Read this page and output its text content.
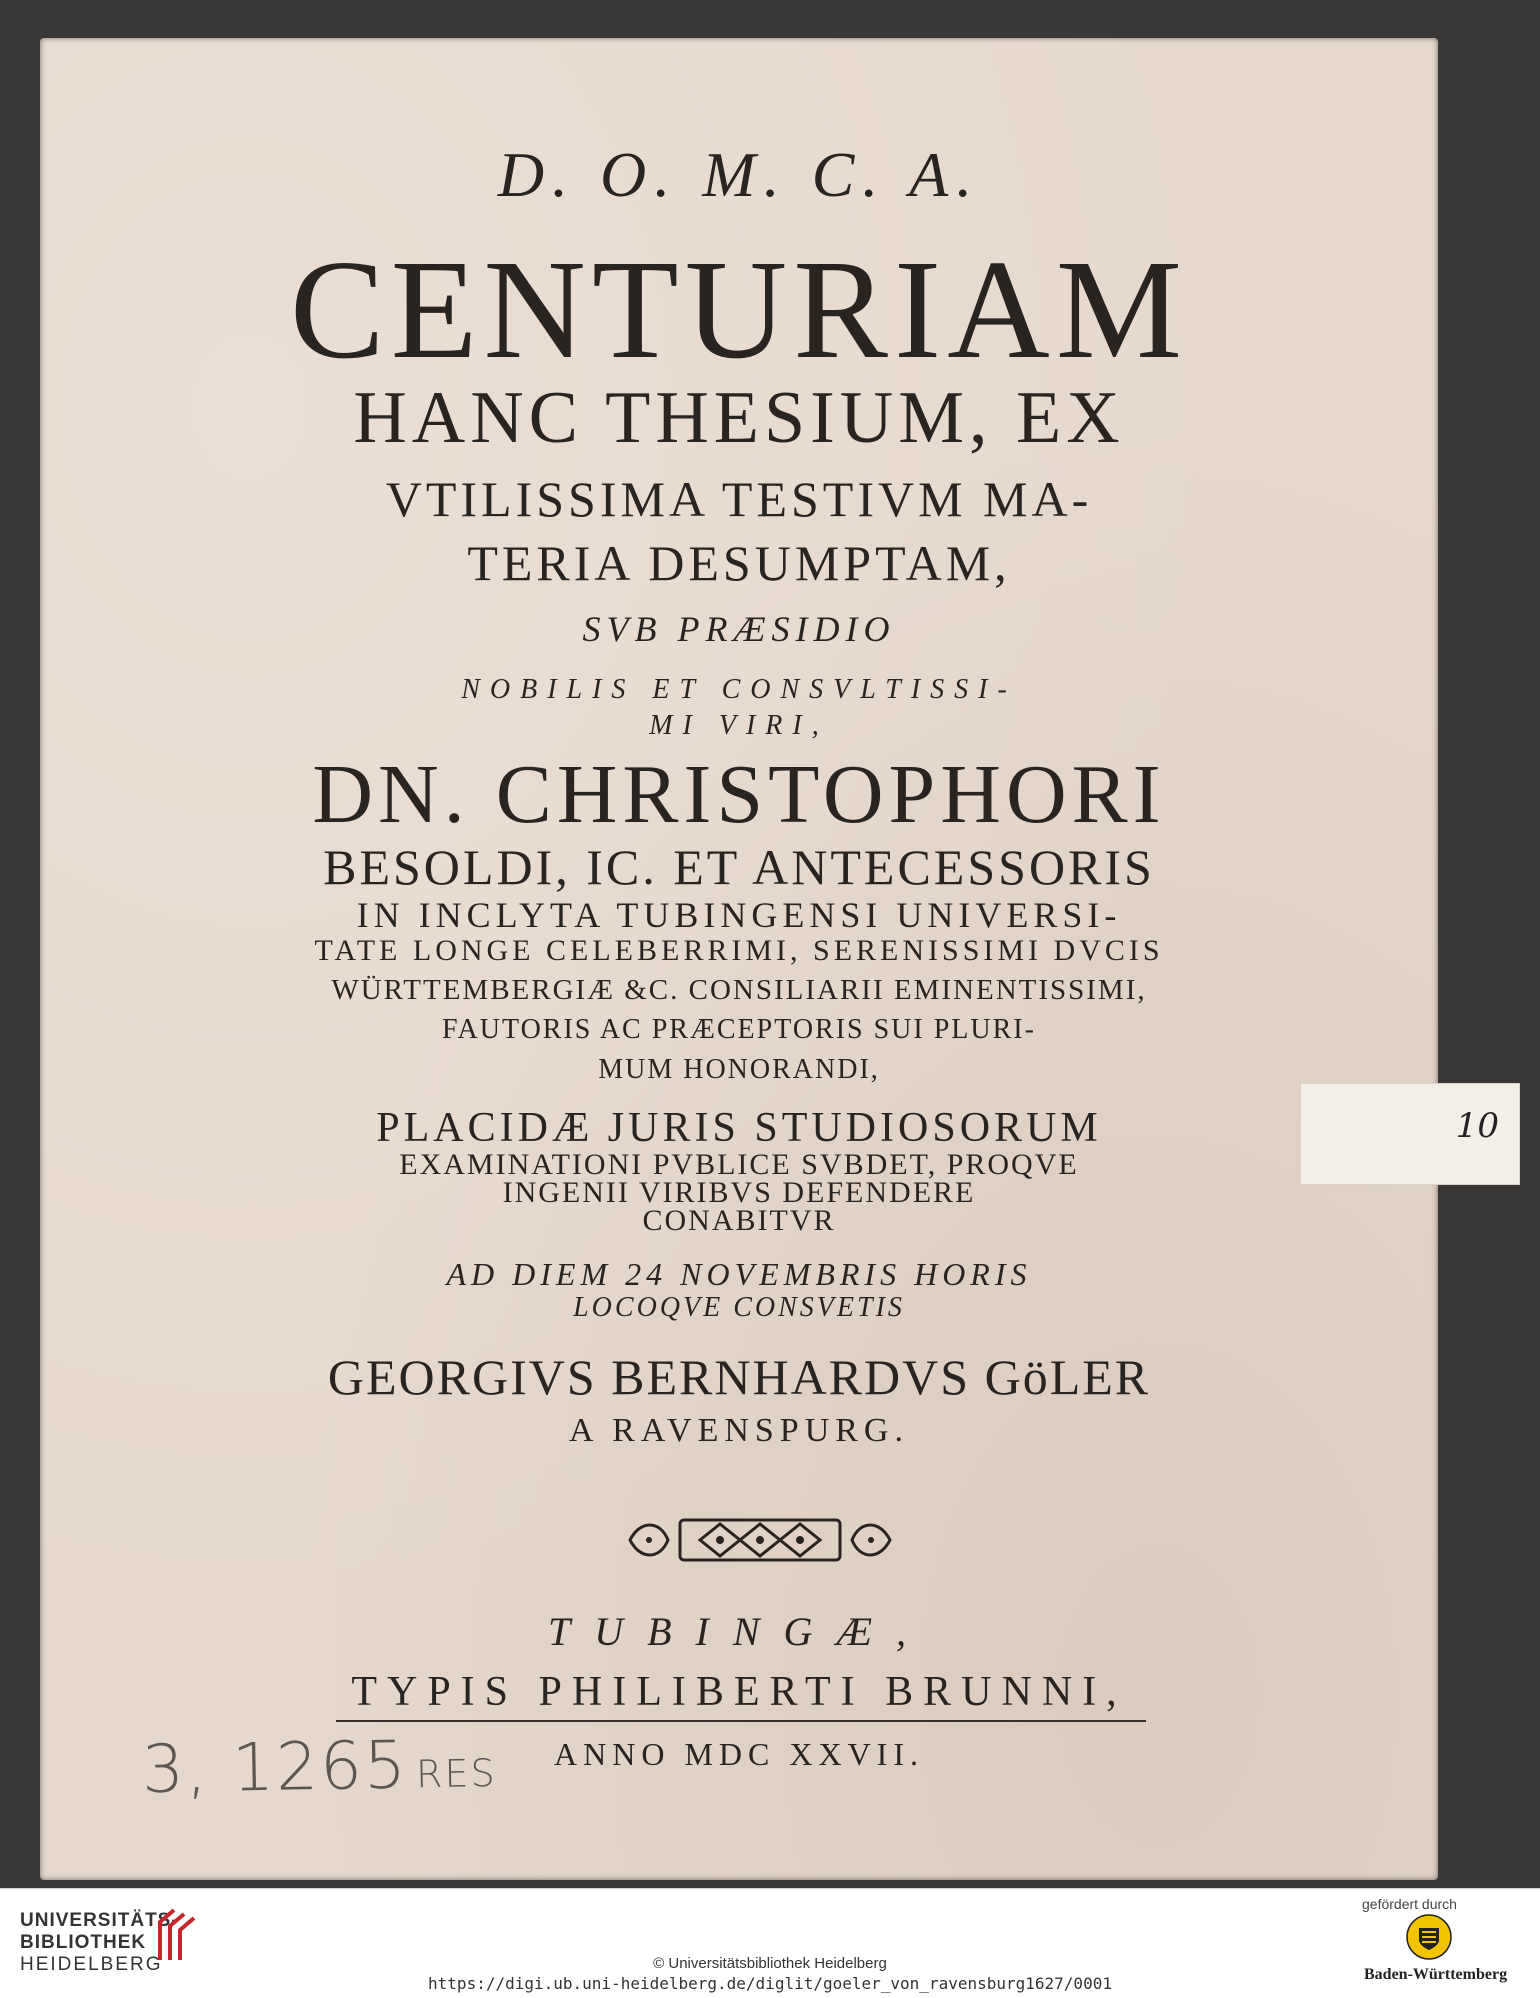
D. O. M. C. A.
CENTURIAM
HANC THESIUM, EX
VTILISSIMA TESTIVM MA-
TERIA DESUMPTAM,
SVB PRÆSIDIO
NOBILIS ET CONSVLTISSI-
MI VIRI,
DN. CHRISTOPHORI
BESOLDI, IC. ET ANTECESSORIS
IN INCLYTA TUBINGENSI UNIVERSI-
TATE LONGE CELEBERRIMI, SERENISSIMI DVCIS
WÜRTTEMBERGIÆ &C. CONSILIARII EMINENTISSIMI,
FAUTORIS AC PRÆCEPTORIS SUI PLURI-
MUM HONORANDI,
PLACIDÆ JURIS STUDIOSORUM
EXAMINATIONI PVBLICE SVBDET, PROQVE
INGENII VIRIBVS DEFENDERE
CONABITVR
AD DIEM 24 NOVEMBRIS HORIS
LOCOQVE CONSVETIS
GEORGIVS BERNHARDVS GöLER
A RAVENSPURG.
TUBINGÆ,
TYPIS PHILIBERTI BRUNNI,
ANNO MDC XXVII.
3, 1265 RES
10
UNIVERSITÄTS-
BIBLIOTHEK
HEIDELBERG	© Universitätsbibliothek Heidelberg
https://digi.ub.uni-heidelberg.de/diglit/goeler_von_ravensburg1627/0001
gefördert durch
Baden-Württemberg
